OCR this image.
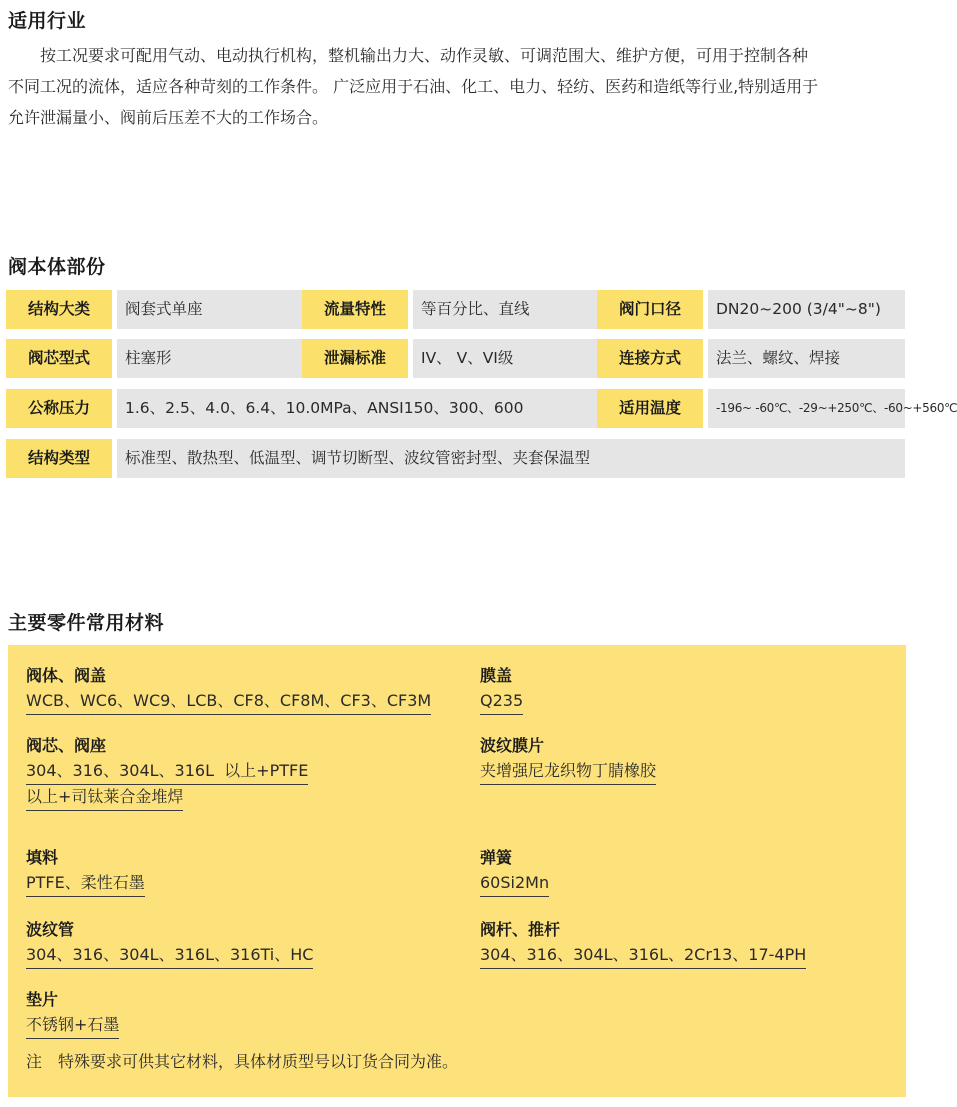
适用行业
　　按工况要求可配用气动、电动执行机构，整机输出力大、动作灵敏、可调范围大、维护方便，可用于控制各种
不同工况的流体，适应各种苛刻的工作条件。 广泛应用于石油、化工、电力、轻纺、医药和造纸等行业,特别适用于
允许泄漏量小、阀前后压差不大的工作场合。
阀本体部份
结构大类	阀套式单座	流量特性	等百分比、直线	阀门口径	DN20~200 (3/4"~8")
阀芯型式	柱塞形	泄漏标准	IV、 V、VI级	连接方式	法兰、螺纹、焊接
公称压力	1.6、2.5、4.0、6.4、10.0MPa、ANSI150、300、600	适用温度	-196~ -60℃、-29~+250℃、-60~+560℃
结构类型	标准型、散热型、低温型、调节切断型、波纹管密封型、夹套保温型
主要零件常用材料
阀体、阀盖
WCB、WC6、WC9、LCB、CF8、CF8M、CF3、CF3M
膜盖
Q235
阀芯、阀座
304、316、304L、316L  以上+PTFE
以上+司钛莱合金堆焊
波纹膜片
夹增强尼龙织物丁腈橡胶
填料
PTFE、柔性石墨
弹簧
60Si2Mn
波纹管
304、316、304L、316L、316Ti、HC
阀杆、推杆
304、316、304L、316L、2Cr13、17-4PH
垫片
不锈钢+石墨
注　特殊要求可供其它材料，具体材质型号以订货合同为准。
